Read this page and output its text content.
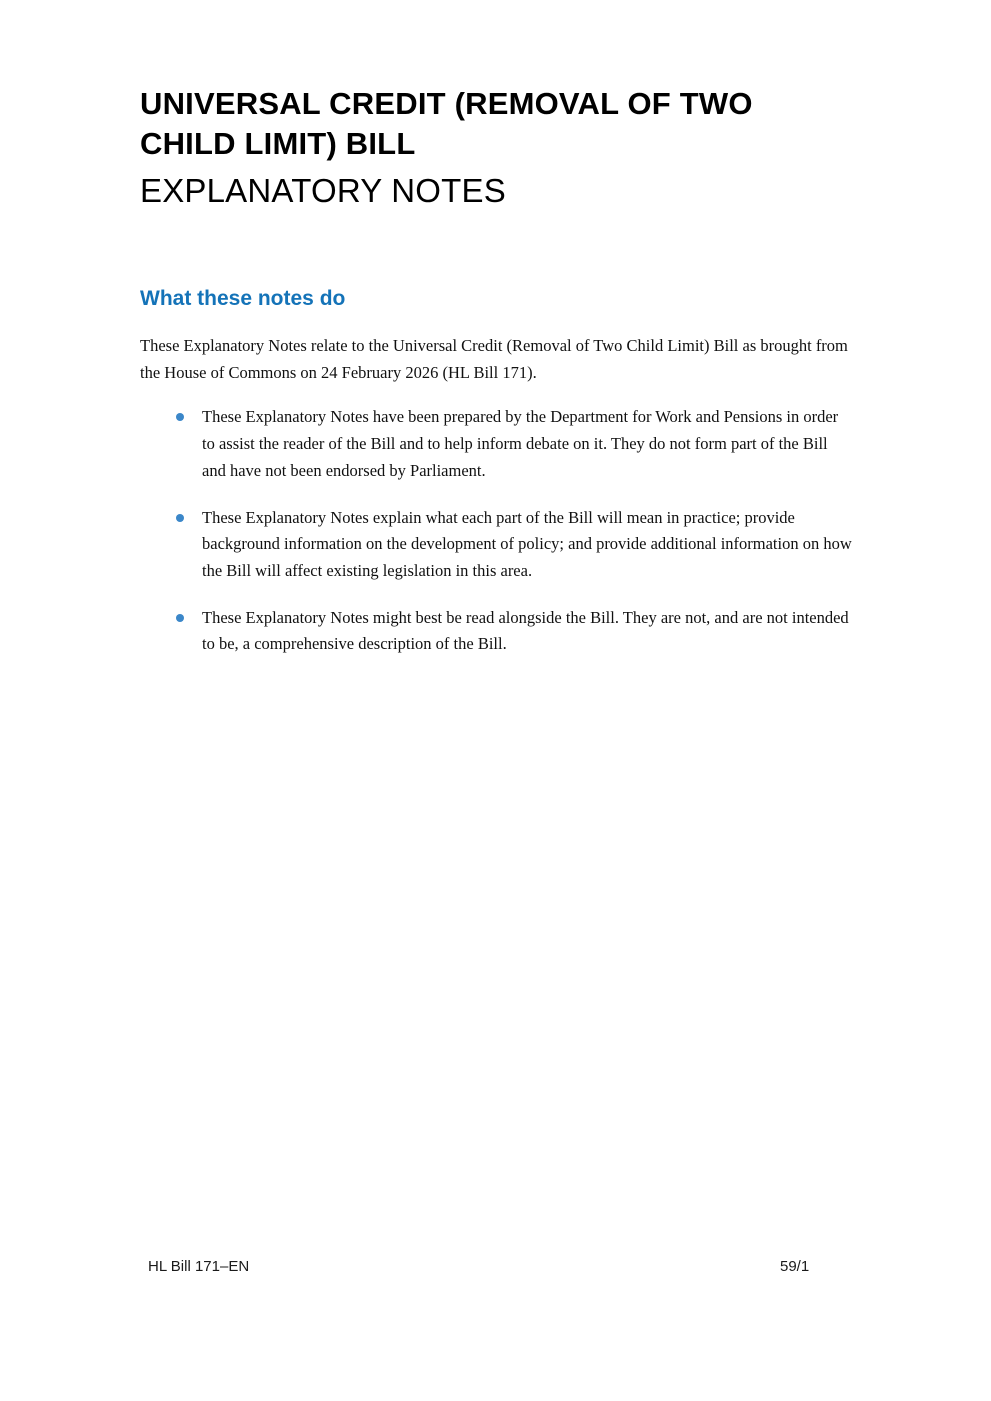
UNIVERSAL CREDIT (REMOVAL OF TWO CHILD LIMIT) BILL
EXPLANATORY NOTES
What these notes do

These Explanatory Notes relate to the Universal Credit (Removal of Two Child Limit) Bill as brought from the House of Commons on 24 February 2026 (HL Bill 171).

These Explanatory Notes have been prepared by the Department for Work and Pensions in order to assist the reader of the Bill and to help inform debate on it. They do not form part of the Bill and have not been endorsed by Parliament.
These Explanatory Notes explain what each part of the Bill will mean in practice; provide background information on the development of policy; and provide additional information on how the Bill will affect existing legislation in this area.
These Explanatory Notes might best be read alongside the Bill. They are not, and are not intended to be, a comprehensive description of the Bill.
HL Bill 171–EN	59/1
